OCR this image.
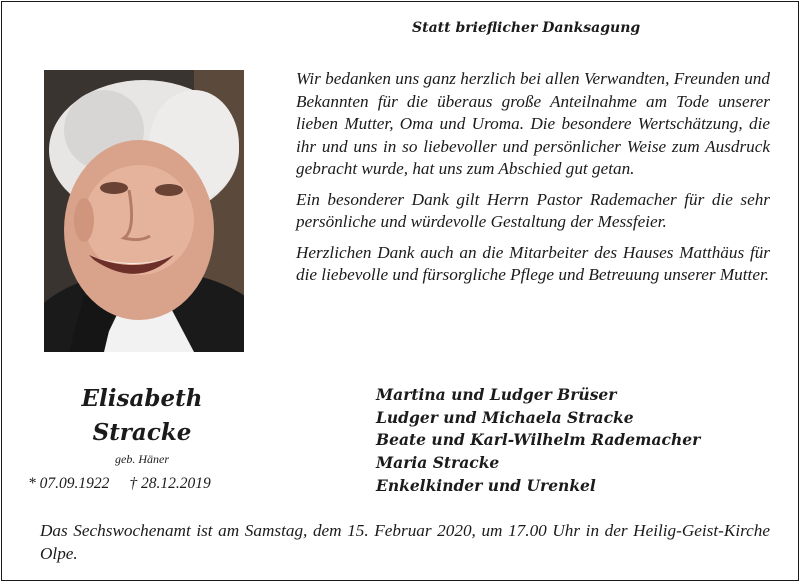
Statt brieflicher Danksagung

Wir bedanken uns ganz herzlich bei allen Verwandten, Freunden und Bekannten für die überaus große Anteilnahme am Tode unserer lieben Mutter, Oma und Uroma. Die besondere Wertschätzung, die ihr und uns in so liebevoller und persönlicher Weise zum Ausdruck gebracht wurde, hat uns zum Abschied gut getan.

Ein besonderer Dank gilt Herrn Pastor Rademacher für die sehr persönliche und würdevolle Gestaltung der Messfeier.

Herzlichen Dank auch an die Mitarbeiter des Hauses Matthäus für die liebevolle und fürsorgliche Pflege und Betreuung unserer Mutter.

Elisabeth
Stracke
geb. Häner
* 07.09.1922 † 28.12.2019
Martina und Ludger Brüser
Ludger und Michaela Stracke
Beate und Karl-Wilhelm Rademacher
Maria Stracke
Enkelkinder und Urenkel
Das Sechswochenamt ist am Samstag, dem 15. Februar 2020, um 17.00 Uhr in der Heilig-Geist-Kirche Olpe.
